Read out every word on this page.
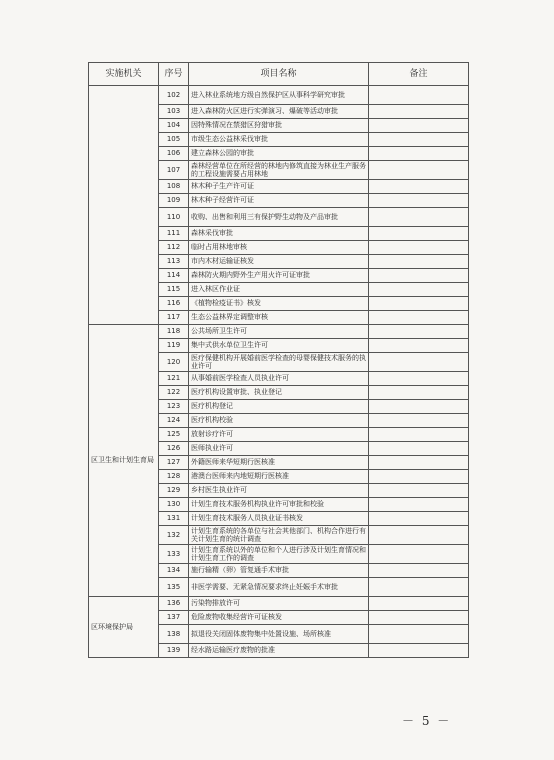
实施机关	序号	项目名称	备注
	102	进入林业系统地方级自然保护区从事科学研究审批	
	103	进入森林防火区进行实弹演习、爆破等活动审批	
	104	因特殊情况在禁猎区狩猎审批	
	105	市级生态公益林采伐审批	
	106	建立森林公园的审批	
	107	森林经营单位在所经营的林地内修筑直接为林业生产服务的工程设施需要占用林地	
	108	林木种子生产许可证	
	109	林木种子经营许可证	
	110	收购、出售和利用三有保护野生动物及产品审批	
	111	森林采伐审批	
	112	临时占用林地审核	
	113	市内木材运输证核发	
	114	森林防火期内野外生产用火许可证审批	
	115	进入林区作业证	
	116	《植物检疫证书》核发	
	117	生态公益林界定调整审核	
区卫生和计划生育局	118	公共场所卫生许可	
	119	集中式供水单位卫生许可	
	120	医疗保健机构开展婚前医学检查的母婴保健技术服务的执业许可	
	121	从事婚前医学检查人员执业许可	
	122	医疗机构设置审批、执业登记	
	123	医疗机构登记	
	124	医疗机构校验	
	125	放射诊疗许可	
	126	医师执业许可	
	127	外籍医师来华短期行医核准	
	128	港澳台医师来内地短期行医核准	
	129	乡村医生执业许可	
	130	计划生育技术服务机构执业许可审批和校验	
	131	计划生育技术服务人员执业证书核发	
	132	计划生育系统的各单位与社会其他部门、机构合作进行有关计划生育的统计调查	
	133	计划生育系统以外的单位和个人进行涉及计划生育情况和计划生育工作的调查	
	134	施行输精（卵）管复通手术审批	
	135	非医学需要、无紧急情况要求终止妊娠手术审批	
区环境保护局	136	污染物排放许可	
	137	危险废物收集经营许可证核发	
	138	拟退役关闭固体废物集中处置设施、场所核准	
	139	经水路运输医疗废物的批准	
－ 5 －
